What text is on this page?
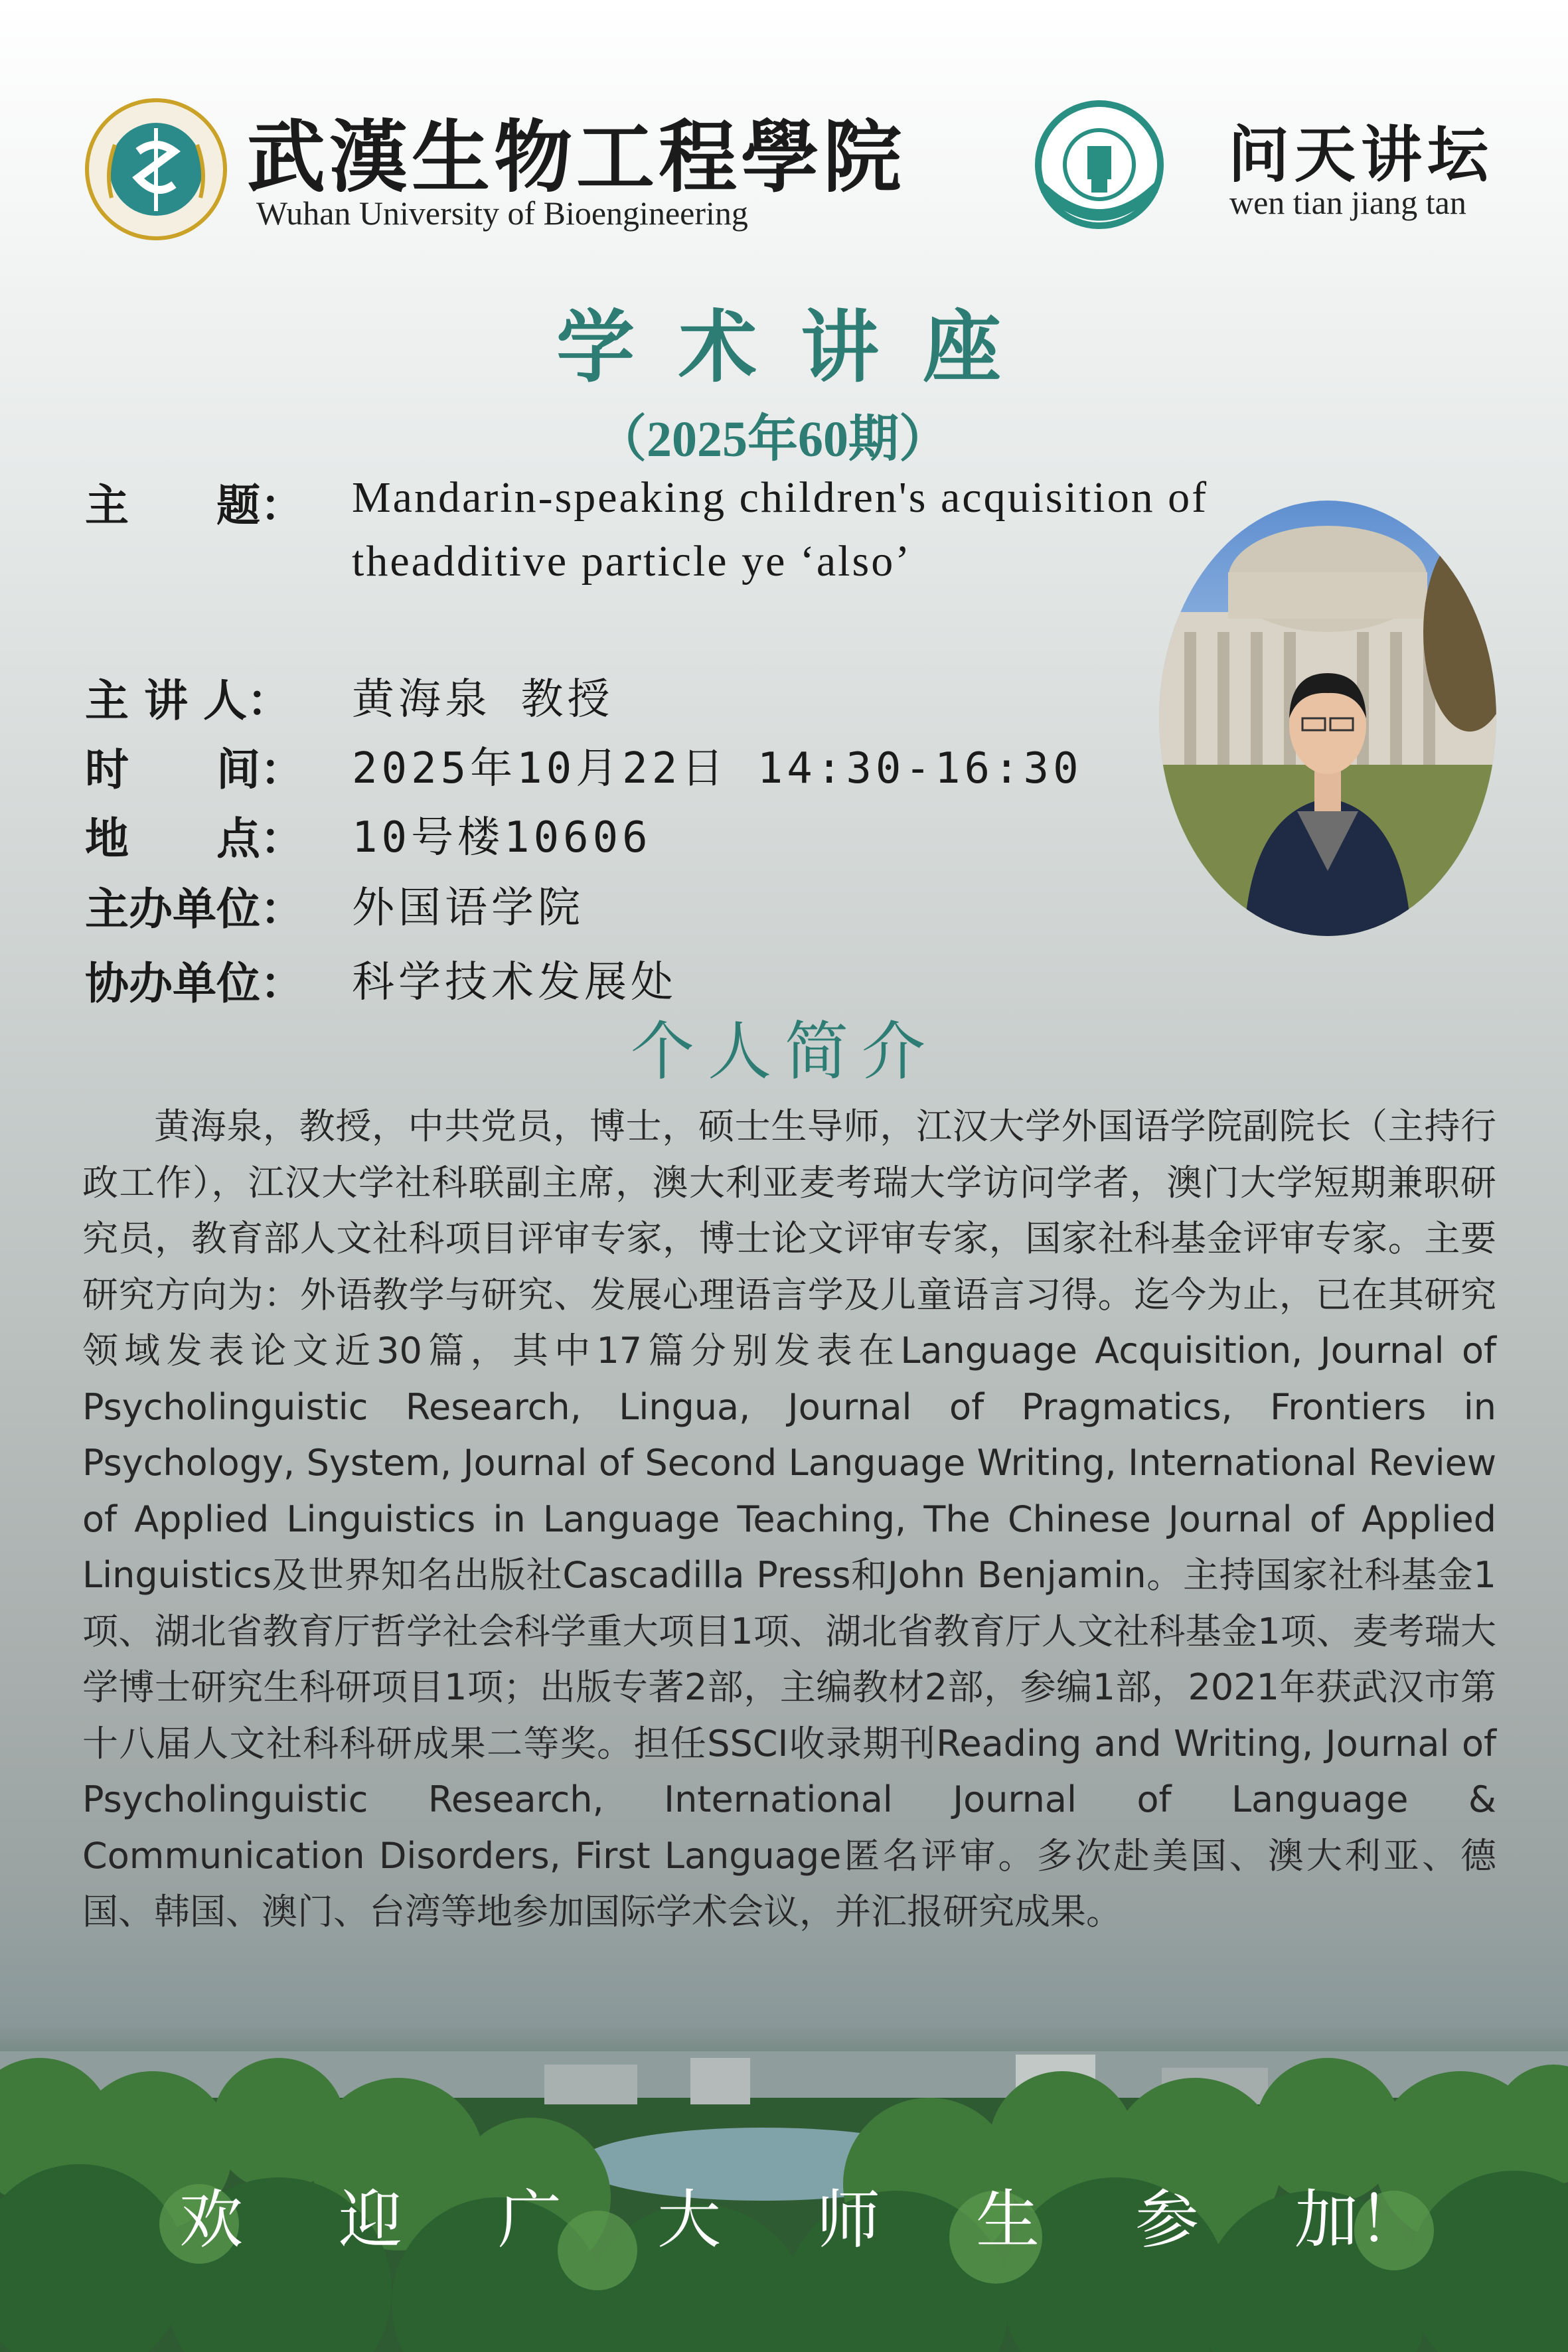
武漢生物工程學院
Wuhan University of Bioengineering
问天讲坛
wen tian jiang tan
学术讲座
（2025年60期）
主　　题： Mandarin-speaking children's acquisition of theadditive particle ye ‘also’
主 讲 人： 黄海泉 教授
时　　间： 2025年10月22日 14:30-16:30
地　　点： 10号楼10606
主办单位： 外国语学院
协办单位： 科学技术发展处
个人简介
黄海泉，教授，中共党员，博士，硕士生导师，江汉大学外国语学院副院长（主持行政工作），江汉大学社科联副主席，澳大利亚麦考瑞大学访问学者，澳门大学短期兼职研究员，教育部人文社科项目评审专家，博士论文评审专家，国家社科基金评审专家。主要研究方向为：外语教学与研究、发展心理语言学及儿童语言习得。迄今为止，已在其研究领域发表论文近30篇，其中17篇分别发表在Language Acquisition, Journal of Psycholinguistic Research, Lingua, Journal of Pragmatics, Frontiers in Psychology, System, Journal of Second Language Writing, International Review of Applied Linguistics in Language Teaching, The Chinese Journal of Applied Linguistics及世界知名出版社Cascadilla Press和John Benjamin。主持国家社科基金1项、湖北省教育厅哲学社会科学重大项目1项、湖北省教育厅人文社科基金1项、麦考瑞大学博士研究生科研项目1项；出版专著2部，主编教材2部，参编1部，2021年获武汉市第十八届人文社科科研成果二等奖。担任SSCI收录期刊Reading and Writing, Journal of Psycholinguistic Research, International Journal of Language & Communication Disorders, First Language匿名评审。多次赴美国、澳大利亚、德国、韩国、澳门、台湾等地参加国际学术会议，并汇报研究成果。
欢 迎 广 大 师 生 参 加！
